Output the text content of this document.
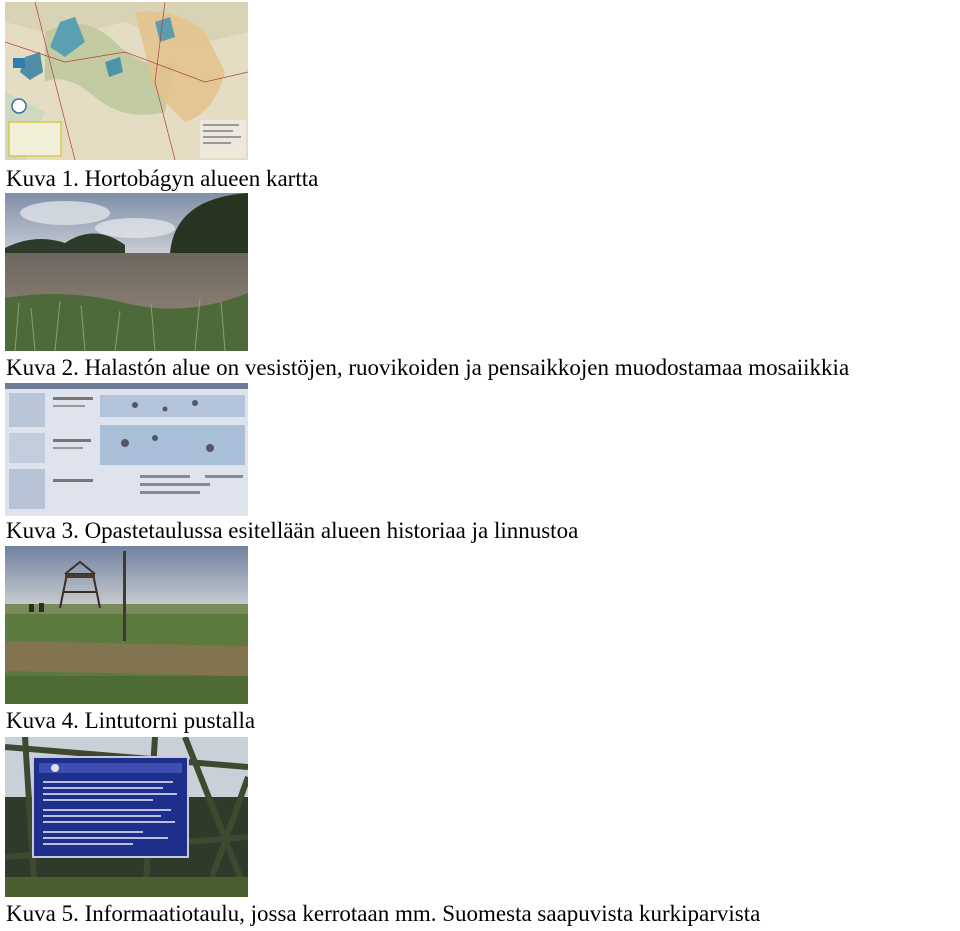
Kuva 1. Hortobágyn alueen kartta
Kuva 2. Halastón alue on vesistöjen, ruovikoiden ja pensaikkojen muodostamaa mosaiikkia
Kuva 3. Opastetaulussa esitellään alueen historiaa ja linnustoa
Kuva 4. Lintutorni pustalla
Kuva 5. Informaatiotaulu, jossa kerrotaan mm. Suomesta saapuvista kurkiparvista
